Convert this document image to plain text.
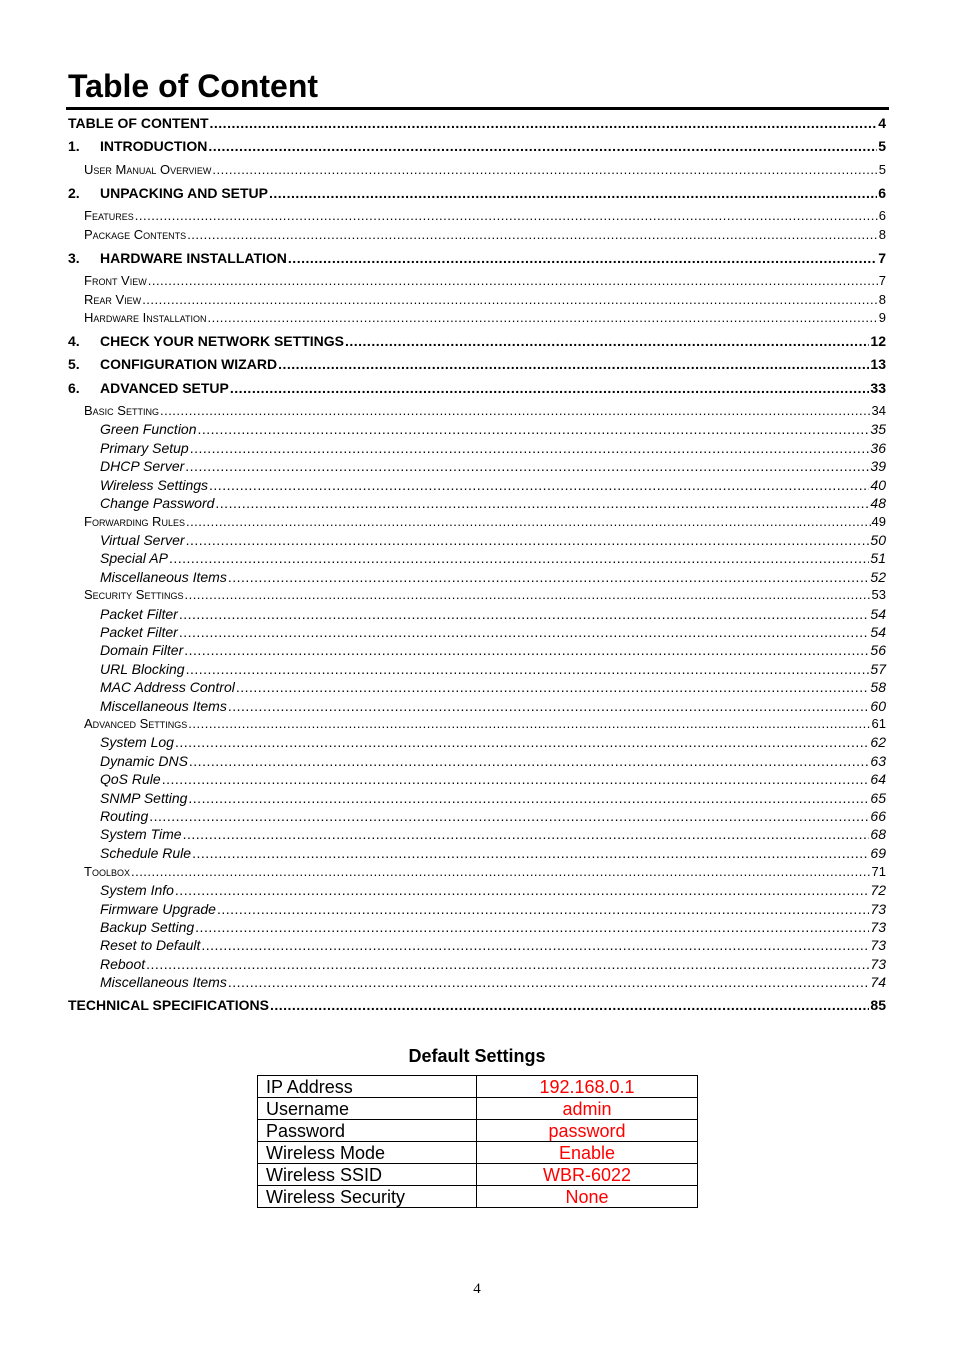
Table of Content
TABLE OF CONTENT .....	4
1. INTRODUCTION .....	5
User Manual Overview .....	5
2. UNPACKING AND SETUP .....	6
Features .....	6
Package Contents .....	8
3. HARDWARE INSTALLATION .....	7
Front View .....	7
Rear View .....	8
Hardware Installation .....	9
4. CHECK YOUR NETWORK SETTINGS .....	12
5. CONFIGURATION WIZARD .....	13
6. ADVANCED SETUP .....	33
Basic Setting .....	34
Green Function .....	35
Primary Setup .....	36
DHCP Server .....	39
Wireless Settings .....	40
Change Password .....	48
Forwarding Rules .....	49
Virtual Server .....	50
Special AP .....	51
Miscellaneous Items .....	52
Security Settings .....	53
Packet Filter .....	54
Packet Filter .....	54
Domain Filter .....	56
URL Blocking .....	57
MAC Address Control .....	58
Miscellaneous Items .....	60
Advanced Settings .....	61
System Log .....	62
Dynamic DNS .....	63
QoS Rule .....	64
SNMP Setting .....	65
Routing .....	66
System Time .....	68
Schedule Rule .....	69
Toolbox .....	71
System Info .....	72
Firmware Upgrade .....	73
Backup Setting .....	73
Reset to Default .....	73
Reboot .....	73
Miscellaneous Items .....	74
TECHNICAL SPECIFICATIONS .....	85
Default Settings
IP Address	192.168.0.1
Username	admin
Password	password
Wireless Mode	Enable
Wireless SSID	WBR-6022
Wireless Security	None
4
